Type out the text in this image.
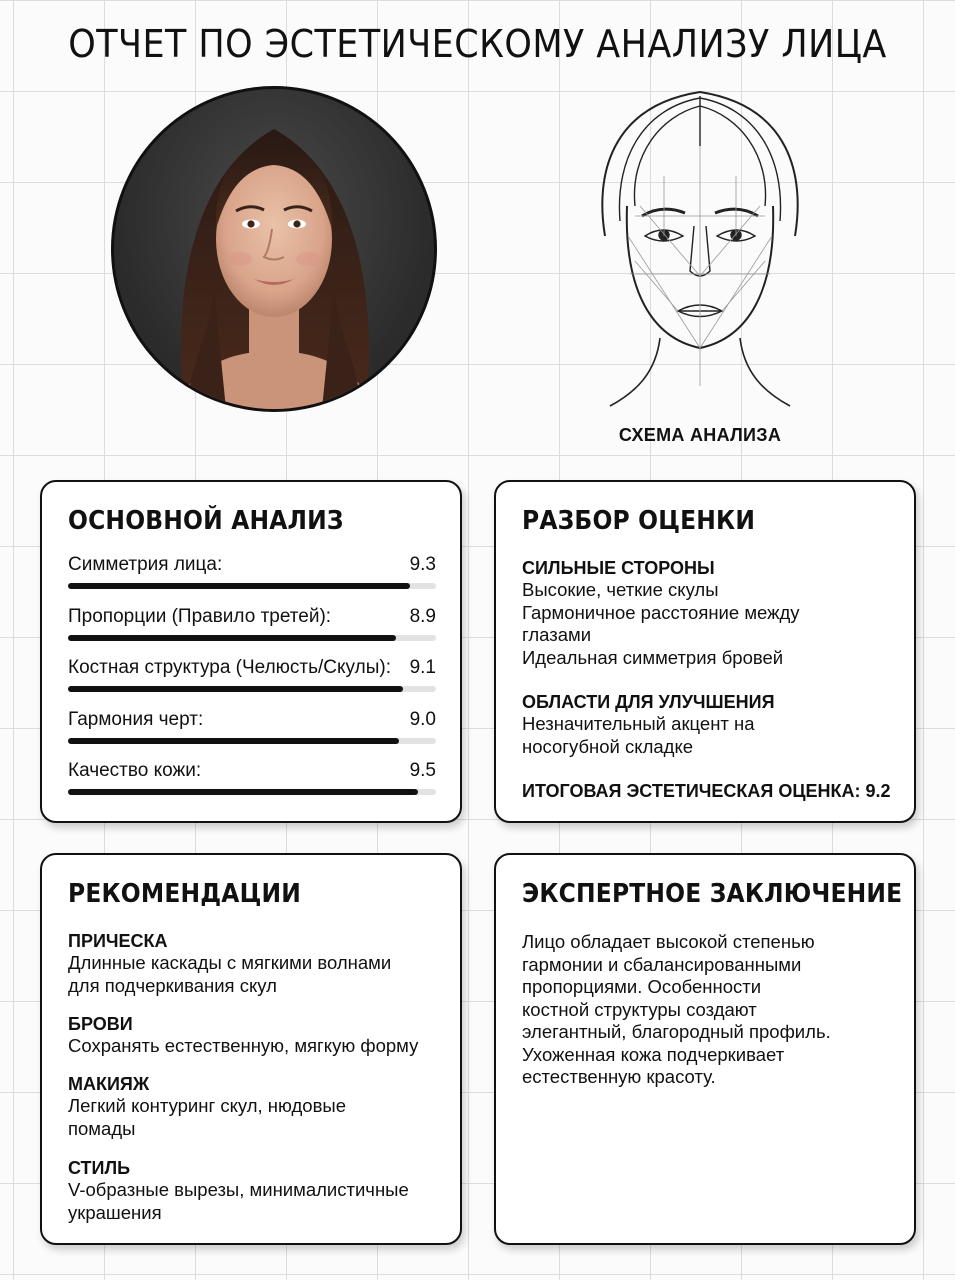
ОТЧЕТ ПО ЭСТЕТИЧЕСКОМУ АНАЛИЗУ ЛИЦА
СХЕМА АНАЛИЗА
ОСНОВНОЙ АНАЛИЗ
Симметрия лица:	9.3
Пропорции (Правило третей):	8.9
Костная структура (Челюсть/Скулы): 9.1
Гармония черт:	9.0
Качество кожи:	9.5
РАЗБОР ОЦЕНКИ
СИЛЬНЫЕ СТОРОНЫ
Высокие, четкие скулы
Гармоничное расстояние между
глазами
Идеальная симметрия бровей
ОБЛАСТИ ДЛЯ УЛУЧШЕНИЯ
Незначительный акцент на
носогубной складке
ИТОГОВАЯ ЭСТЕТИЧЕСКАЯ ОЦЕНКА: 9.2
РЕКОМЕНДАЦИИ
ПРИЧЕСКА
Длинные каскады с мягкими волнами
для подчеркивания скул
БРОВИ
Сохранять естественную, мягкую форму
МАКИЯЖ
Легкий контуринг скул, нюдовые
помады
СТИЛЬ
V-образные вырезы, минималистичные
украшения
ЭКСПЕРТНОЕ ЗАКЛЮЧЕНИЕ
Лицо обладает высокой степенью
гармонии и сбалансированными
пропорциями. Особенности
костной структуры создают
элегантный, благородный профиль.
Ухоженная кожа подчеркивает
естественную красоту.
